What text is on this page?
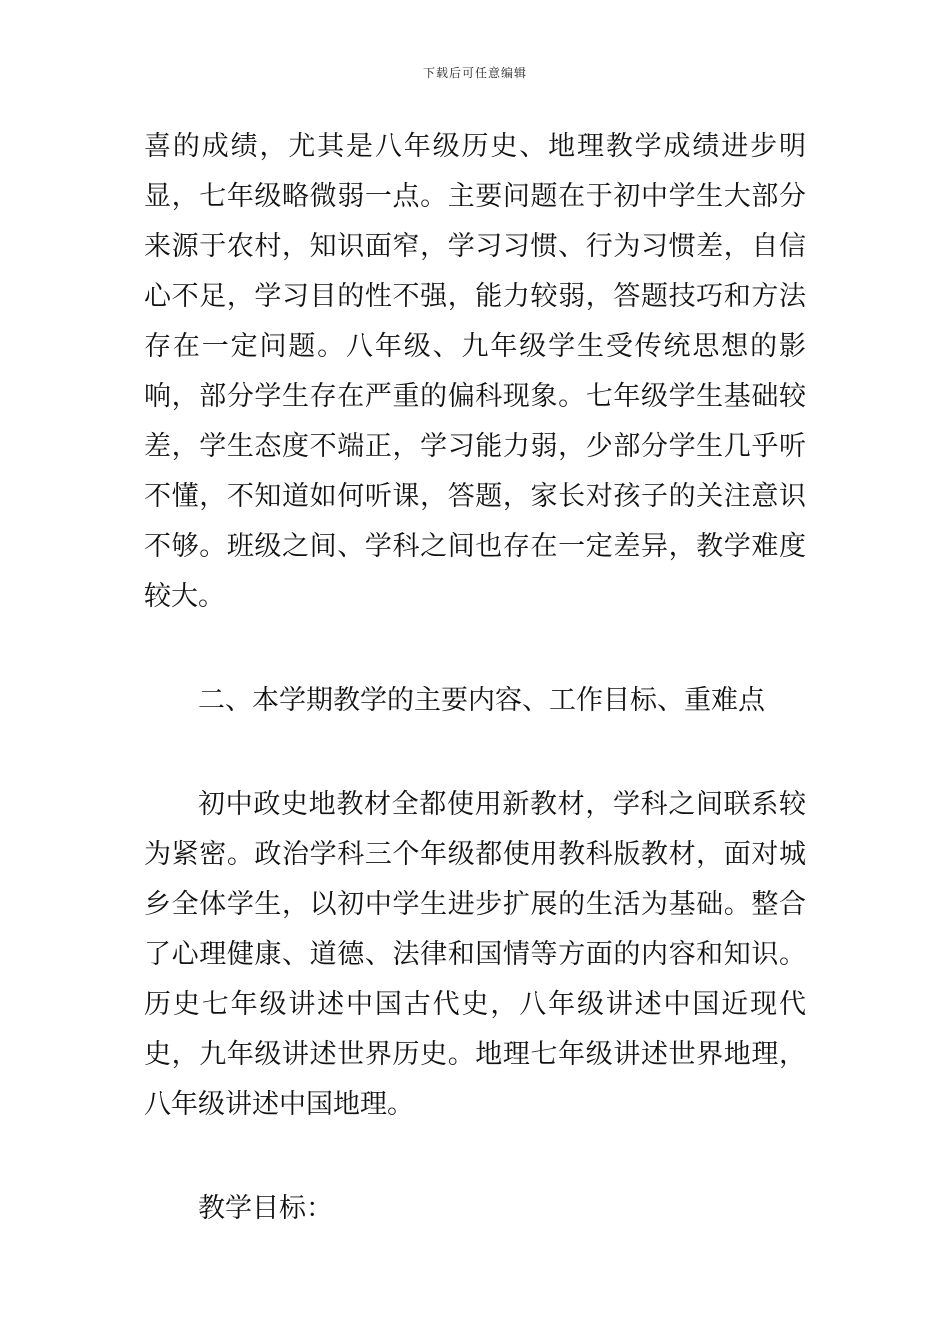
下载后可任意编辑

喜的成绩，尤其是八年级历史、地理教学成绩进步明显，七年级略微弱一点。主要问题在于初中学生大部分来源于农村，知识面窄，学习习惯、行为习惯差，自信心不足，学习目的性不强，能力较弱，答题技巧和方法存在一定问题。八年级、九年级学生受传统思想的影响，部分学生存在严重的偏科现象。七年级学生基础较差，学生态度不端正，学习能力弱，少部分学生几乎听不懂，不知道如何听课，答题，家长对孩子的关注意识不够。班级之间、学科之间也存在一定差异，教学难度较大。

二、本学期教学的主要内容、工作目标、重难点

初中政史地教材全都使用新教材，学科之间联系较为紧密。政治学科三个年级都使用教科版教材，面对城乡全体学生，以初中学生进步扩展的生活为基础。整合了心理健康、道德、法律和国情等方面的内容和知识。历史七年级讲述中国古代史，八年级讲述中国近现代史，九年级讲述世界历史。地理七年级讲述世界地理，八年级讲述中国地理。

教学目标：
